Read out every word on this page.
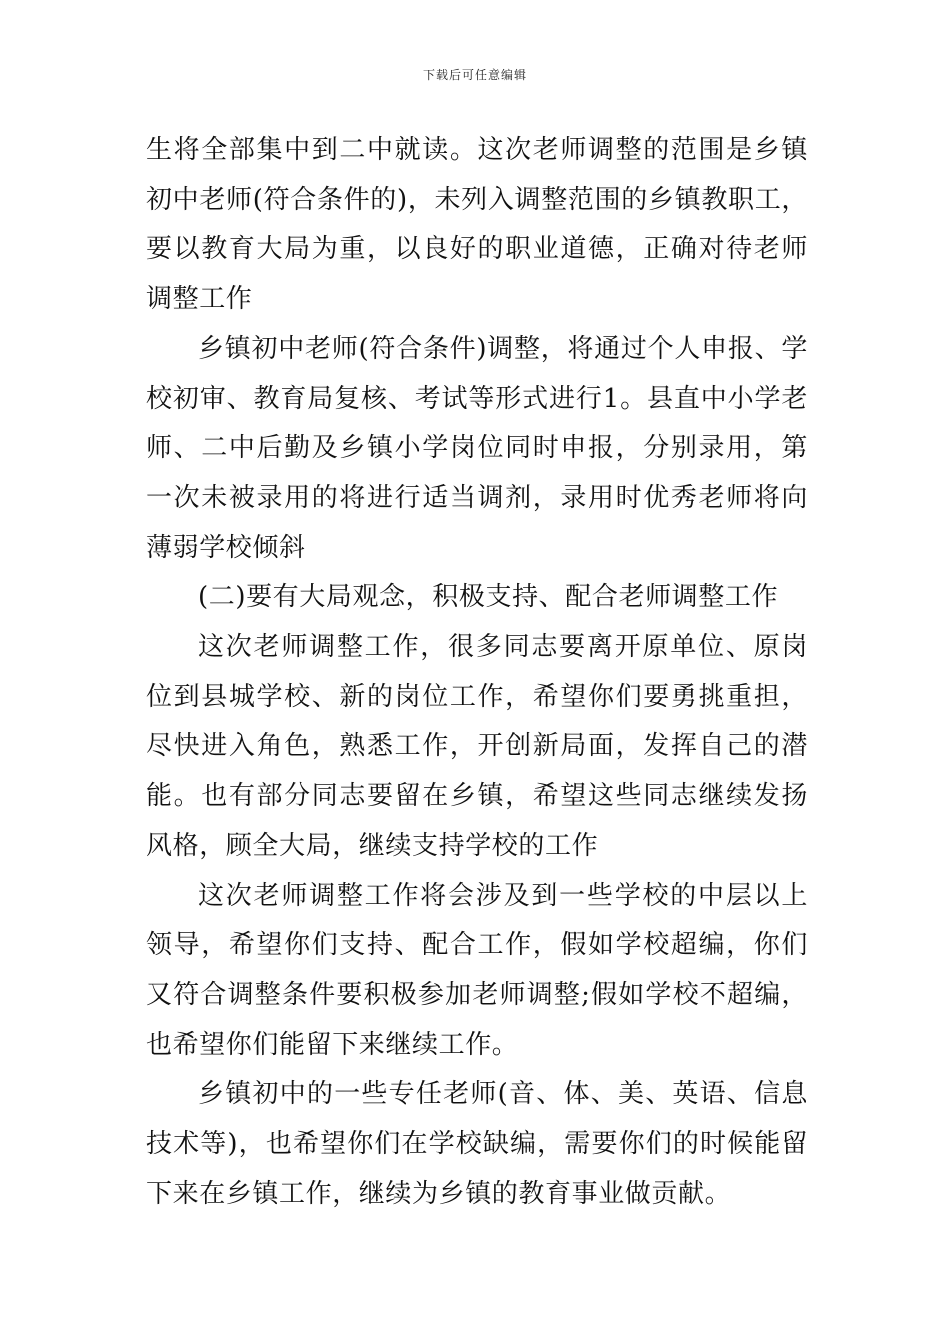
下载后可任意编辑

生将全部集中到二中就读。这次老师调整的范围是乡镇初中老师(符合条件的)，未列入调整范围的乡镇教职工，要以教育大局为重，以良好的职业道德，正确对待老师调整工作

乡镇初中老师(符合条件)调整，将通过个人申报、学校初审、教育局复核、考试等形式进行1。县直中小学老师、二中后勤及乡镇小学岗位同时申报，分别录用，第一次未被录用的将进行适当调剂，录用时优秀老师将向薄弱学校倾斜

(二)要有大局观念，积极支持、配合老师调整工作

这次老师调整工作，很多同志要离开原单位、原岗位到县城学校、新的岗位工作，希望你们要勇挑重担，尽快进入角色，熟悉工作，开创新局面，发挥自己的潜能。也有部分同志要留在乡镇，希望这些同志继续发扬风格，顾全大局，继续支持学校的工作

这次老师调整工作将会涉及到一些学校的中层以上领导，希望你们支持、配合工作，假如学校超编，你们又符合调整条件要积极参加老师调整;假如学校不超编，也希望你们能留下来继续工作。

乡镇初中的一些专任老师(音、体、美、英语、信息技术等)，也希望你们在学校缺编，需要你们的时候能留下来在乡镇工作，继续为乡镇的教育事业做贡献。
